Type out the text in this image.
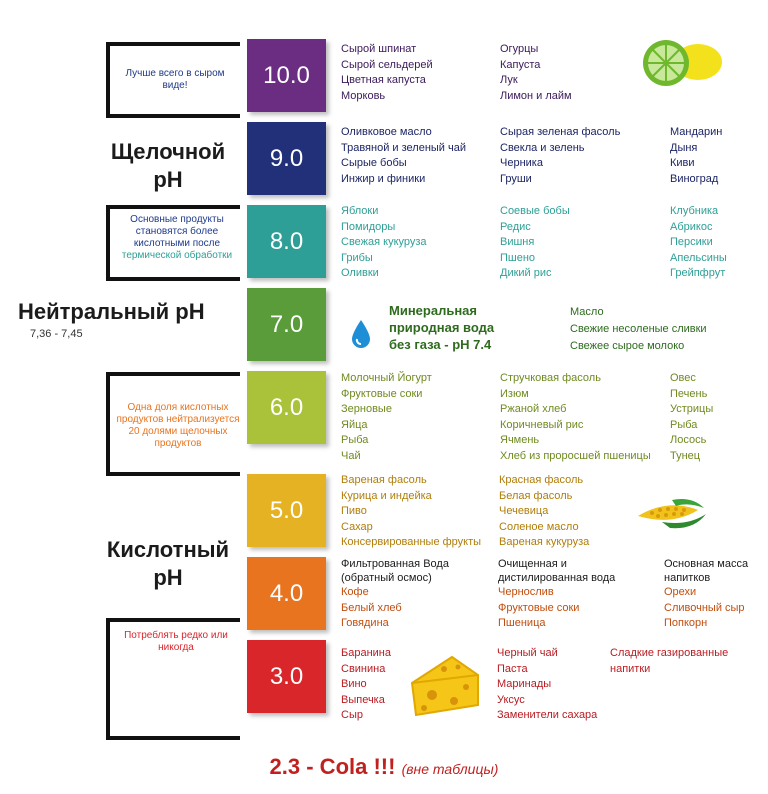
Лучше всего в сыром виде!
Основные продукты становятся более кислотными после
термической обработки
Одна доля кислотных продуктов нейтрализуется 20 долями щелочных продуктов
Потреблять редко или никогда
Щелочной
pH
Нейтральный pH
7,36 - 7,45
Кислотный
pH
10.0
9.0
8.0
7.0
6.0
5.0
4.0
3.0
Сырой шпинат
Сырой сельдерей
Цветная капуста
Морковь
Огурцы
Капуста
Лук
Лимон и лайм
Оливковое масло
Травяной и зеленый чай
Сырые бобы
Инжир и финики
Сырая зеленая фасоль
Свекла и зелень
Черника
Груши
Мандарин
Дыня
Киви
Виноград
Яблоки
Помидоры
Свежая кукуруза
Грибы
Оливки
Соевые бобы
Редис
Вишня
Пшено
Дикий рис
Клубника
Абрикос
Персики
Апельсины
Грейпфрут
Минеральная
природная вода
без газа - pH 7.4
Масло
Свежие несоленые сливки
Свежее сырое молоко
Молочный Йогурт
Фруктовые соки
Зерновые
Яйца
Рыба
Чай
Стручковая фасоль
Изюм
Ржаной хлеб
Коричневый рис
Ячмень
Хлеб из проросшей пшеницы
Овес
Печень
Устрицы
Рыба
Лосось
Тунец
Вареная фасоль
Курица и индейка
Пиво
Сахар
Консервированные фрукты
Красная фасоль
Белая фасоль
Чечевица
Соленое масло
Вареная кукуруза
Фильтрованная Вода
(обратный осмос)
Кофе
Белый хлеб
Говядина
Очищенная и
дистилированная вода
Чернослив
Фруктовые соки
Пшеница
Основная масса
напитков
Орехи
Сливочный сыр
Попкорн
Баранина
Свинина
Вино
Выпечка
Сыр
Черный чай
Паста
Маринады
Уксус
Заменители сахара
Сладкие газированные
напитки
2.3 - Cola !!! (вне таблицы)
